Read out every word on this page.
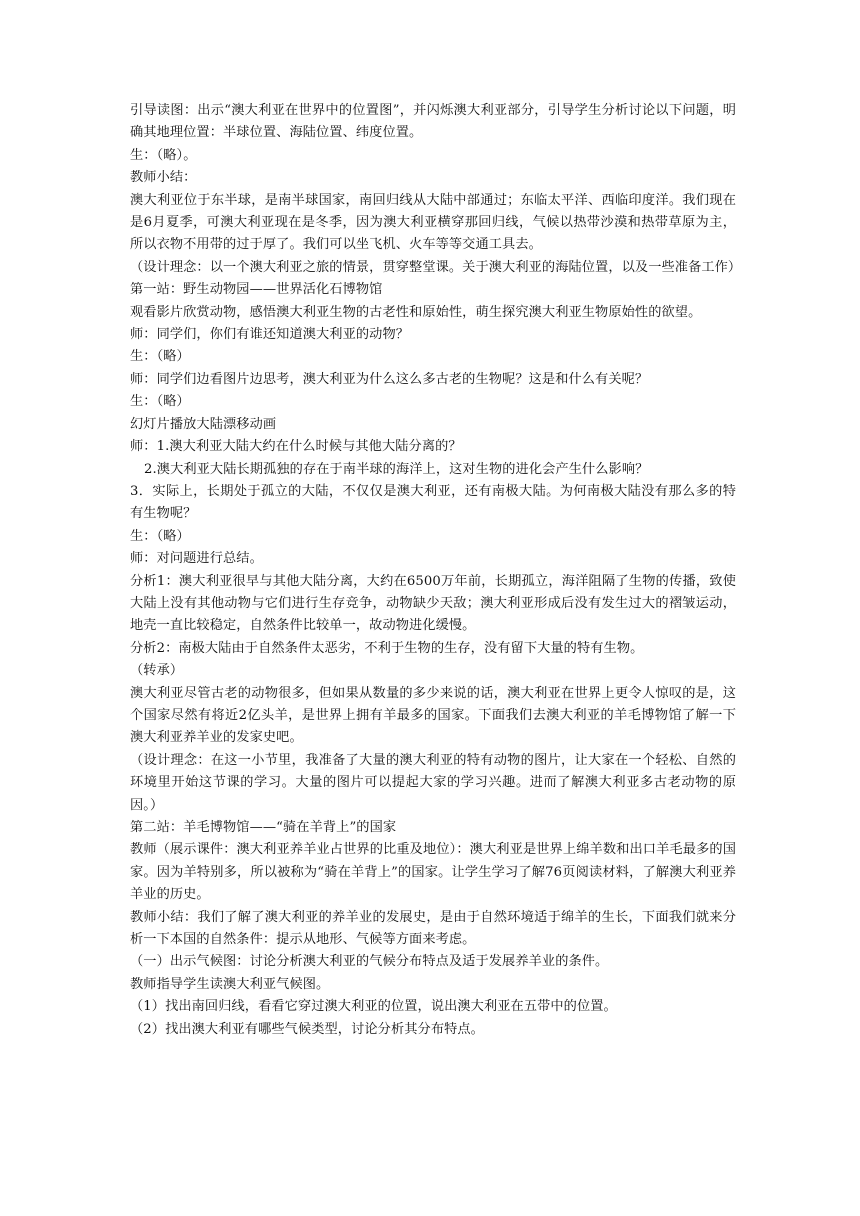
引导读图：出示“澳大利亚在世界中的位置图”，并闪烁澳大利亚部分，引导学生分析讨论以下问题，明确其地理位置：半球位置、海陆位置、纬度位置。

生：（略）。

教师小结：

澳大利亚位于东半球，是南半球国家，南回归线从大陆中部通过；东临太平洋、西临印度洋。我们现在是6月夏季，可澳大利亚现在是冬季，因为澳大利亚横穿那回归线，气候以热带沙漠和热带草原为主，所以衣物不用带的过于厚了。我们可以坐飞机、火车等等交通工具去。

（设计理念：以一个澳大利亚之旅的情景，贯穿整堂课。关于澳大利亚的海陆位置，以及一些准备工作）

第一站：野生动物园——世界活化石博物馆

观看影片欣赏动物，感悟澳大利亚生物的古老性和原始性，萌生探究澳大利亚生物原始性的欲望。

师：同学们，你们有谁还知道澳大利亚的动物？

生：（略）

师：同学们边看图片边思考，澳大利亚为什么这么多古老的生物呢？这是和什么有关呢？

生：（略）

幻灯片播放大陆漂移动画

师：1.澳大利亚大陆大约在什么时候与其他大陆分离的？

2.澳大利亚大陆长期孤独的存在于南半球的海洋上，这对生物的进化会产生什么影响？

3．实际上，长期处于孤立的大陆，不仅仅是澳大利亚，还有南极大陆。为何南极大陆没有那么多的特有生物呢？

生：（略）

师：对问题进行总结。

分析1：澳大利亚很早与其他大陆分离，大约在6500万年前，长期孤立，海洋阻隔了生物的传播，致使大陆上没有其他动物与它们进行生存竞争，动物缺少天敌；澳大利亚形成后没有发生过大的褶皱运动，地壳一直比较稳定，自然条件比较单一，故动物进化缓慢。

分析2：南极大陆由于自然条件太恶劣，不利于生物的生存，没有留下大量的特有生物。

（转承）

澳大利亚尽管古老的动物很多，但如果从数量的多少来说的话，澳大利亚在世界上更令人惊叹的是，这个国家尽然有将近2亿头羊，是世界上拥有羊最多的国家。下面我们去澳大利亚的羊毛博物馆了解一下澳大利亚养羊业的发家史吧。

（设计理念：在这一小节里，我准备了大量的澳大利亚的特有动物的图片，让大家在一个轻松、自然的环境里开始这节课的学习。大量的图片可以提起大家的学习兴趣。进而了解澳大利亚多古老动物的原因。）

第二站：羊毛博物馆——“骑在羊背上”的国家

教师（展示课件：澳大利亚养羊业占世界的比重及地位）：澳大利亚是世界上绵羊数和出口羊毛最多的国家。因为羊特别多，所以被称为“骑在羊背上”的国家。让学生学习了解76页阅读材料，了解澳大利亚养羊业的历史。

教师小结：我们了解了澳大利亚的养羊业的发展史，是由于自然环境适于绵羊的生长，下面我们就来分析一下本国的自然条件：提示从地形、气候等方面来考虑。

（一）出示气候图：讨论分析澳大利亚的气候分布特点及适于发展养羊业的条件。

教师指导学生读澳大利亚气候图。

（1）找出南回归线，看看它穿过澳大利亚的位置，说出澳大利亚在五带中的位置。

（2）找出澳大利亚有哪些气候类型，讨论分析其分布特点。
